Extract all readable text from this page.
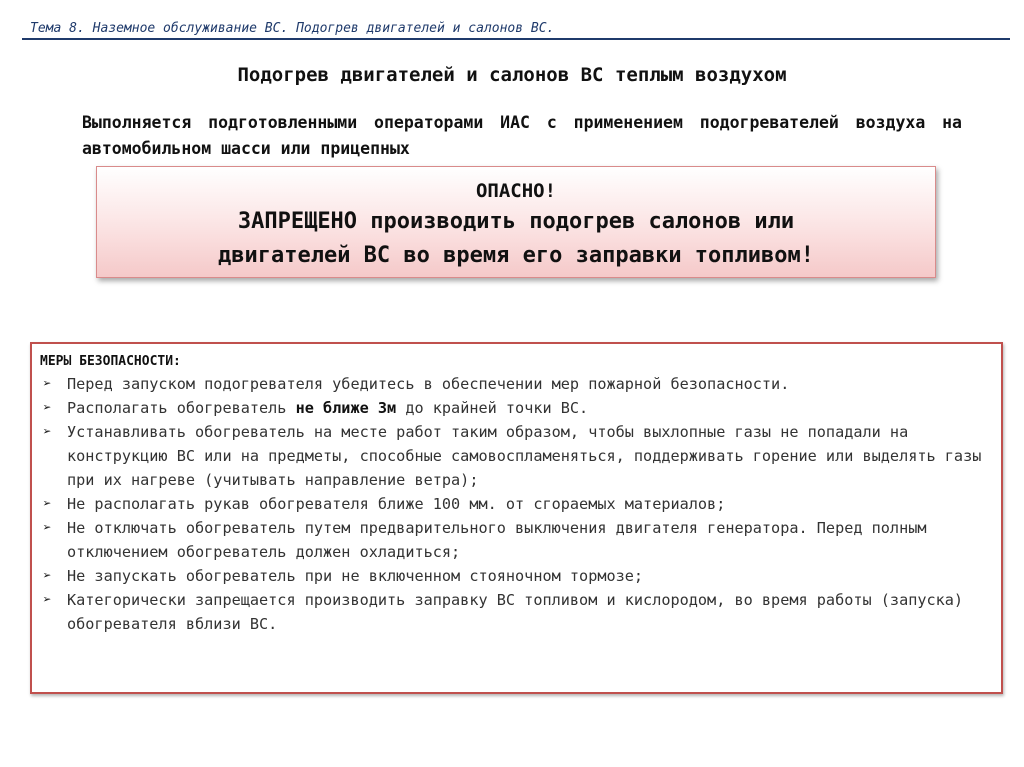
Тема 8. Наземное обслуживание ВС. Подогрев двигателей и салонов ВС.
Подогрев двигателей и салонов ВС теплым воздухом
Выполняется подготовленными операторами ИАС с применением подогревателей воздуха на автомобильном шасси или прицепных
ОПАСНО!
ЗАПРЕЩЕНО производить подогрев салонов или
двигателей ВС во время его заправки топливом!
МЕРЫ БЕЗОПАСНОСТИ:
➢ Перед запуском подогревателя убедитесь в обеспечении мер пожарной безопасности.
➢ Располагать обогреватель не ближе 3м до крайней точки ВС.
➢ Устанавливать обогреватель на месте работ таким образом, чтобы выхлопные газы не попадали на конструкцию ВС или на предметы, способные самовоспламеняться, поддерживать горение или выделять газы при их нагреве (учитывать направление ветра);
➢ Не располагать рукав обогревателя ближе 100 мм. от сгораемых материалов;
➢ Не отключать обогреватель путем предварительного выключения двигателя генератора. Перед полным отключением обогреватель должен охладиться;
➢ Не запускать обогреватель при не включенном стояночном тормозе;
➢ Категорически запрещается производить заправку ВС топливом и кислородом, во время работы (запуска) обогревателя вблизи ВС.
